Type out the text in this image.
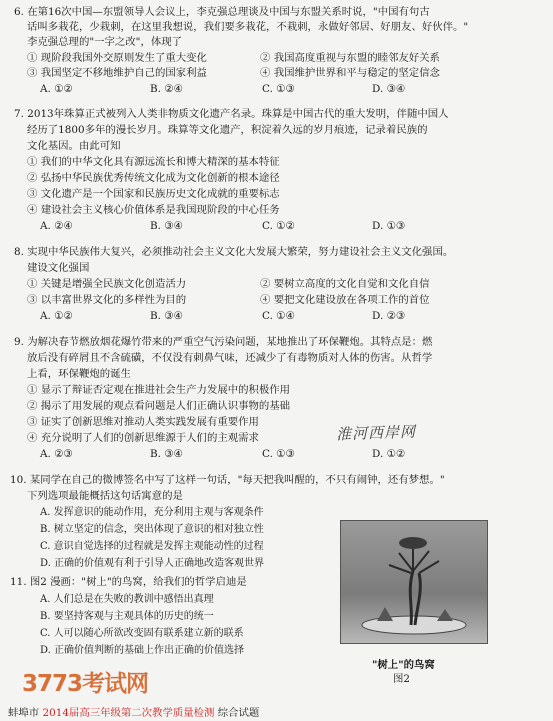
6. 在第16次中国—东盟领导人会议上，李克强总理谈及中国与东盟关系时说，"中国有句古
话叫多栽花，少栽刺，在这里我想说，我们要多栽花，不栽刺，永做好邻居、好朋友、好伙伴。"
李克强总理的"一字之改"，体现了
① 现阶段我国外交原则发生了重大变化	② 我国高度重视与东盟的睦邻友好关系
③ 我国坚定不移地维护自己的国家利益	④ 我国维护世界和平与稳定的坚定信念
A. ①②	B. ②④	C. ①③	D. ③④
7. 2013年珠算正式被列入人类非物质文化遗产名录。珠算是中国古代的重大发明，伴随中国人
经历了1800多年的漫长岁月。珠算等文化遗产，积淀着久远的岁月痕迹，记录着民族的
文化基因。由此可知
① 我们的中华文化具有源远流长和博大精深的基本特征
② 弘扬中华民族优秀传统文化成为文化创新的根本途径
③ 文化遗产是一个国家和民族历史文化成就的重要标志
④ 建设社会主义核心价值体系是我国现阶段的中心任务
A. ②④	B. ③④	C. ①②	D. ①③
8. 实现中华民族伟大复兴，必须推动社会主义文化大发展大繁荣，努力建设社会主义文化强国。
建设文化强国
① 关键是增强全民族文化创造活力	② 要树立高度的文化自觉和文化自信
③ 以丰富世界文化的多样性为目的	④ 要把文化建设放在各项工作的首位
A. ①②	B. ③④	C. ①④	D. ②③
9. 为解决春节燃放烟花爆竹带来的严重空气污染问题，某地推出了环保鞭炮。其特点是：燃
放后没有碎屑且不含硫磺，不仅没有刺鼻气味，还减少了有毒物质对人体的伤害。从哲学
上看，环保鞭炮的诞生
① 显示了辩证否定观在推进社会生产力发展中的积极作用
② 揭示了用发展的观点看问题是人们正确认识事物的基础
③ 证实了创新思维对推动人类实践发展有重要作用
④ 充分说明了人们的创新思维源于人们的主观需求	淮河西岸网
A. ②③	B. ③④	C. ①③	D. ①②
10. 某同学在自己的微博签名中写了这样一句话，"每天把我叫醒的，不只有闹钟，还有梦想。"
下列选项最能概括这句话寓意的是
A. 发挥意识的能动作用，充分利用主观与客观条件
B. 树立坚定的信念，突出体现了意识的相对独立性
C. 意识自觉选择的过程就是发挥主观能动性的过程
D. 正确的价值观有利于引导人正确地改造客观世界
11. 图2 漫画："树上"的鸟窝，给我们的哲学启迪是
A. 人们总是在失败的教训中感悟出真理
B. 要坚持客观与主观具体的历史的统一
C. 人可以随心所欲改变固有联系建立新的联系
D. 正确价值判断的基础上作出正确的价值选择
"树上"的鸟窝
图2
3773考试网
蚌埠市 2014届高三年级第二次教学质量检测 综合试题
